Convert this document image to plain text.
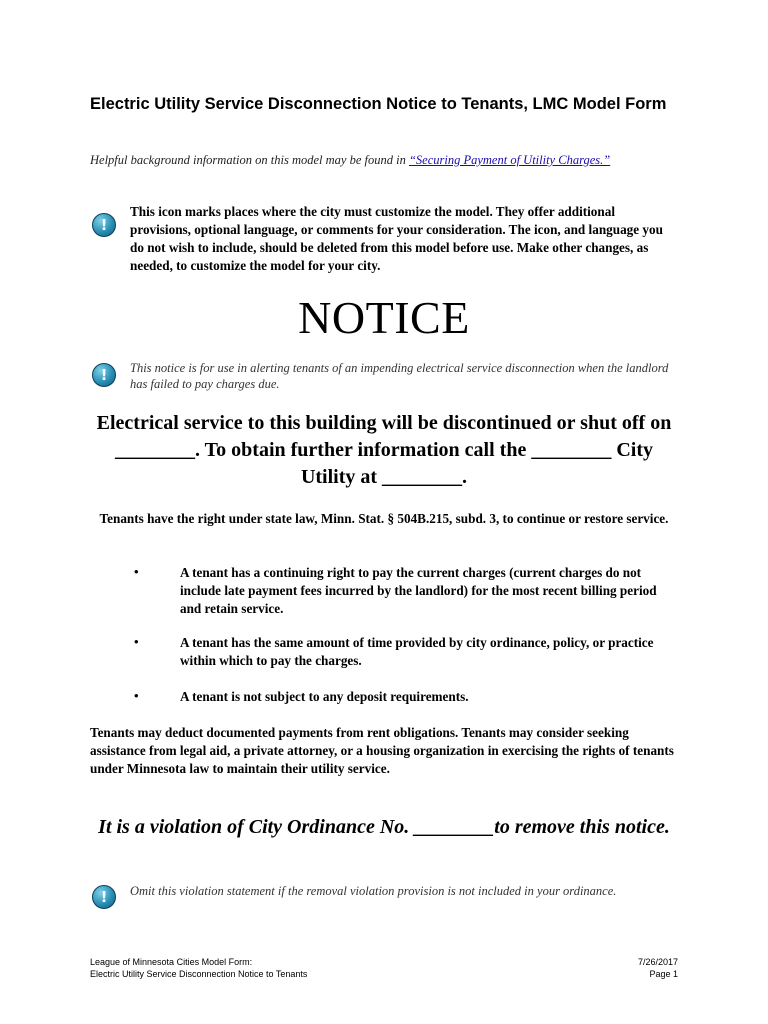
Electric Utility Service Disconnection Notice to Tenants, LMC Model Form
Helpful background information on this model may be found in “Securing Payment of Utility Charges.”
!
This icon marks places where the city must customize the model. They offer additional provisions, optional language, or comments for your consideration. The icon, and language you do not wish to include, should be deleted from this model before use. Make other changes, as needed, to customize the model for your city.
NOTICE
!	This notice is for use in alerting tenants of an impending electrical service disconnection when the landlord has failed to pay charges due.
Electrical service to this building will be discontinued or shut off on ________. To obtain further information call the ________ City Utility at ________.
Tenants have the right under state law, Minn. Stat. § 504B.215, subd. 3, to continue or restore service.
•	A tenant has a continuing right to pay the current charges (current charges do not include late payment fees incurred by the landlord) for the most recent billing period and retain service.
•	A tenant has the same amount of time provided by city ordinance, policy, or practice within which to pay the charges.
•	A tenant is not subject to any deposit requirements.
Tenants may deduct documented payments from rent obligations. Tenants may consider seeking assistance from legal aid, a private attorney, or a housing organization in exercising the rights of tenants under Minnesota law to maintain their utility service.
It is a violation of City Ordinance No. ________to remove this notice.
!	Omit this violation statement if the removal violation provision is not included in your ordinance.
League of Minnesota Cities Model Form:
Electric Utility Service Disconnection Notice to Tenants
7/26/2017
Page 1
